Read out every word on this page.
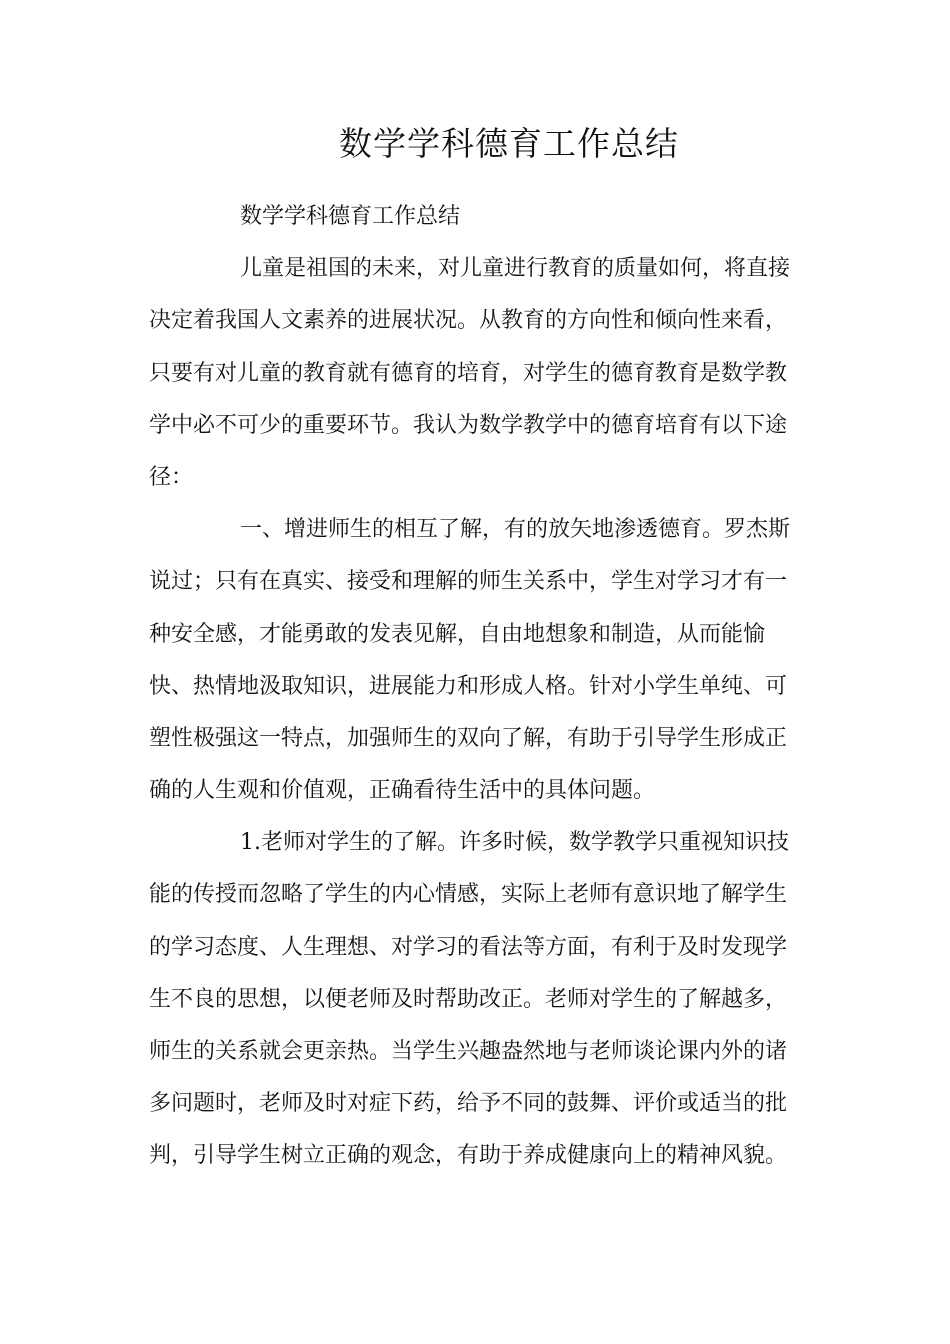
数学学科德育工作总结
数学学科德育工作总结
儿童是祖国的未来，对儿童进行教育的质量如何，将直接
决定着我国人文素养的进展状况。从教育的方向性和倾向性来看，
只要有对儿童的教育就有德育的培育，对学生的德育教育是数学教
学中必不可少的重要环节。我认为数学教学中的德育培育有以下途
径：
一、增进师生的相互了解，有的放矢地渗透德育。罗杰斯
说过；只有在真实、接受和理解的师生关系中，学生对学习才有一
种安全感，才能勇敢的发表见解，自由地想象和制造，从而能愉
快、热情地汲取知识，进展能力和形成人格。针对小学生单纯、可
塑性极强这一特点，加强师生的双向了解，有助于引导学生形成正
确的人生观和价值观，正确看待生活中的具体问题。
1.老师对学生的了解。许多时候，数学教学只重视知识技
能的传授而忽略了学生的内心情感，实际上老师有意识地了解学生
的学习态度、人生理想、对学习的看法等方面，有利于及时发现学
生不良的思想，以便老师及时帮助改正。老师对学生的了解越多，
师生的关系就会更亲热。当学生兴趣盎然地与老师谈论课内外的诸
多问题时，老师及时对症下药，给予不同的鼓舞、评价或适当的批
判，引导学生树立正确的观念，有助于养成健康向上的精神风貌。
